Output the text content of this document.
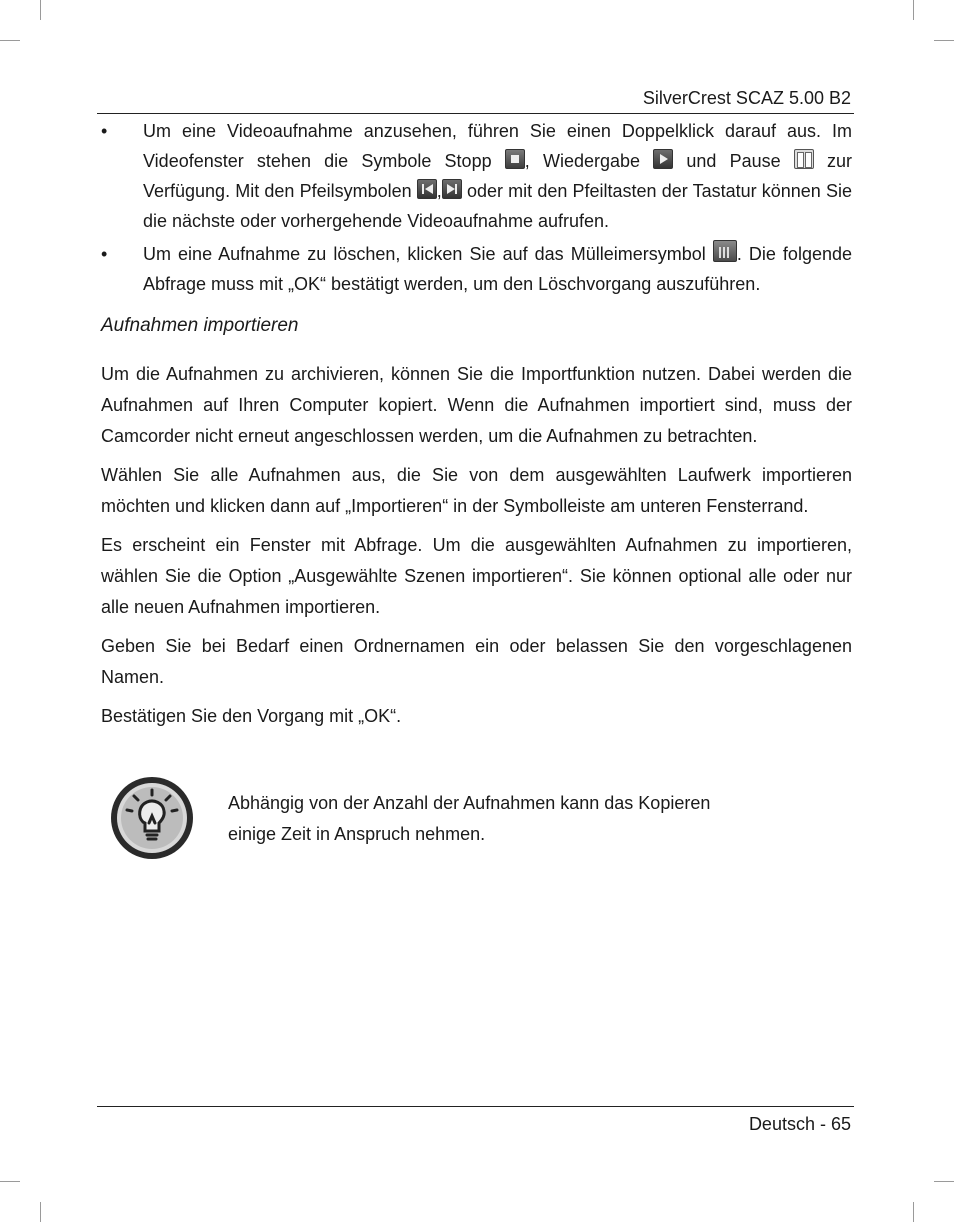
SilverCrest SCAZ 5.00 B2
• Um eine Videoaufnahme anzusehen, führen Sie einen Doppelklick darauf aus. Im Videofenster stehen die Symbole Stopp , Wiedergabe  und Pause  zur Verfügung. Mit den Pfeilsymbolen , oder mit den Pfeiltasten der Tastatur können Sie die nächste oder vorhergehende Videoaufnahme aufrufen.
• Um eine Aufnahme zu löschen, klicken Sie auf das Mülleimersymbol . Die folgende Abfrage muss mit „OK“ bestätigt werden, um den Löschvorgang auszuführen.
Aufnahmen importieren

Um die Aufnahmen zu archivieren, können Sie die Importfunktion nutzen. Dabei werden die Aufnahmen auf Ihren Computer kopiert. Wenn die Aufnahmen importiert sind, muss der Camcorder nicht erneut angeschlossen werden, um die Aufnahmen zu betrachten.

Wählen Sie alle Aufnahmen aus, die Sie von dem ausgewählten Laufwerk importieren möchten und klicken dann auf „Importieren“ in der Symbolleiste am unteren Fensterrand.

Es erscheint ein Fenster mit Abfrage. Um die ausgewählten Aufnahmen zu importieren, wählen Sie die Option „Ausgewählte Szenen importieren“. Sie können optional alle oder nur alle neuen Aufnahmen importieren.

Geben Sie bei Bedarf einen Ordnernamen ein oder belassen Sie den vorgeschlagenen Namen.

Bestätigen Sie den Vorgang mit „OK“.

Abhängig von der Anzahl der Aufnahmen kann das Kopieren
einige Zeit in Anspruch nehmen.
Deutsch - 65
